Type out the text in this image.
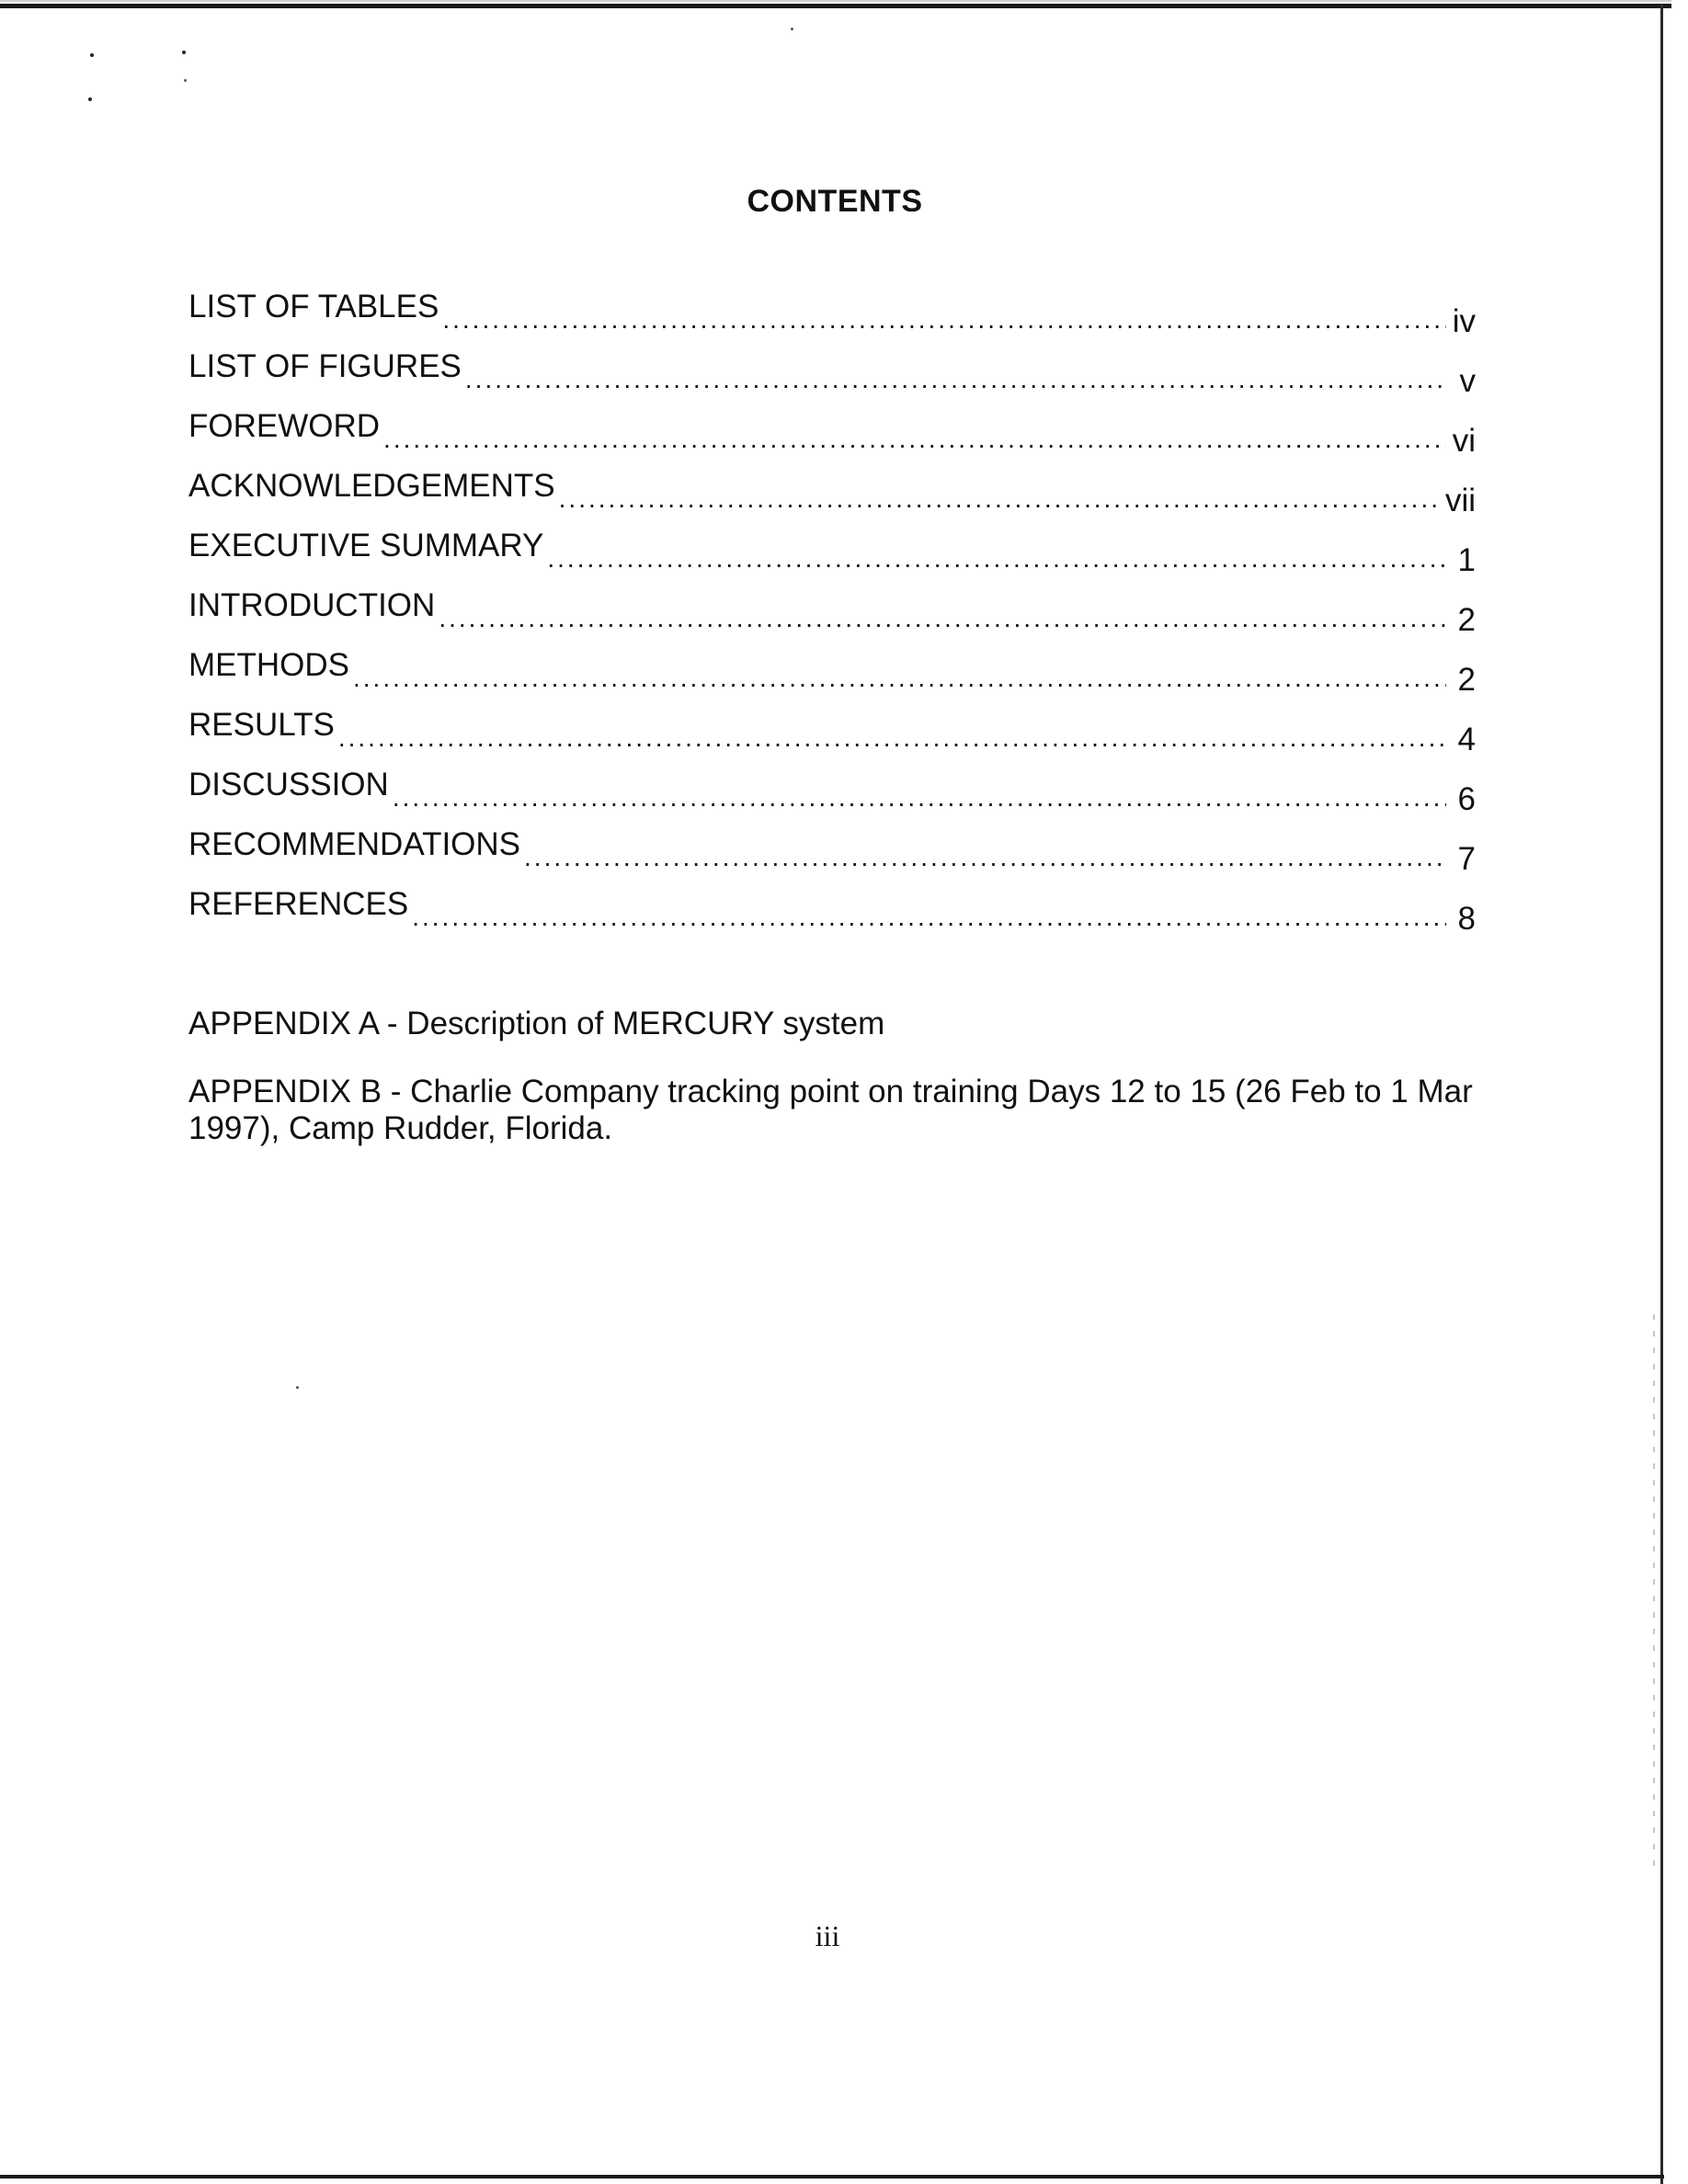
CONTENTS
LIST OF TABLES .....	iv
LIST OF FIGURES .....	v
FOREWORD .....	vi
ACKNOWLEDGEMENTS .....	vii
EXECUTIVE SUMMARY .....	1
INTRODUCTION .....	2
METHODS .....	2
RESULTS .....	4
DISCUSSION .....	6
RECOMMENDATIONS .....	7
REFERENCES .....	8

APPENDIX A - Description of MERCURY system

APPENDIX B - Charlie Company tracking point on training Days 12 to 15 (26 Feb to 1 Mar 1997), Camp Rudder, Florida.

iii
